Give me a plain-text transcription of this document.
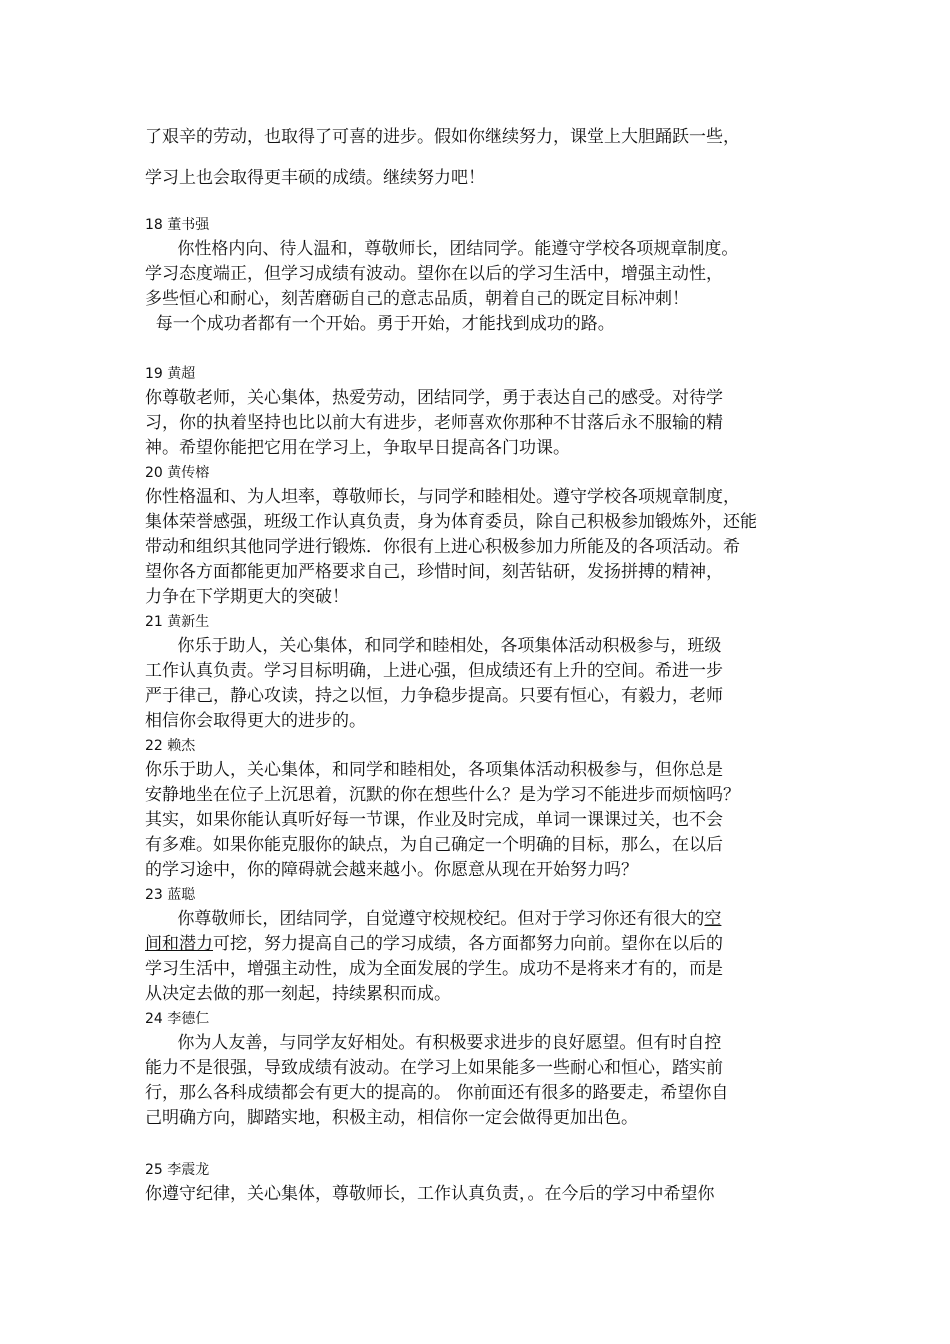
了艰辛的劳动，也取得了可喜的进步。假如你继续努力，课堂上大胆踊跃一些，
学习上也会取得更丰硕的成绩。继续努力吧！
18 董书强
你性格内向、待人温和，尊敬师长，团结同学。能遵守学校各项规章制度。
学习态度端正，但学习成绩有波动。望你在以后的学习生活中，增强主动性，
多些恒心和耐心，刻苦磨砺自己的意志品质，朝着自己的既定目标冲刺！
每一个成功者都有一个开始。勇于开始，才能找到成功的路。
19 黄超
你尊敬老师，关心集体，热爱劳动，团结同学，勇于表达自己的感受。对待学
习，你的执着坚持也比以前大有进步，老师喜欢你那种不甘落后永不服输的精
神。希望你能把它用在学习上，争取早日提高各门功课。
20 黄传榕
你性格温和、为人坦率，尊敬师长，与同学和睦相处。遵守学校各项规章制度，
集体荣誉感强，班级工作认真负责，身为体育委员，除自己积极参加锻炼外，还能
带动和组织其他同学进行锻炼．你很有上进心积极参加力所能及的各项活动。希
望你各方面都能更加严格要求自己，珍惜时间，刻苦钻研，发扬拼搏的精神，
力争在下学期更大的突破！
21 黄新生
你乐于助人，关心集体，和同学和睦相处，各项集体活动积极参与，班级
工作认真负责。学习目标明确，上进心强，但成绩还有上升的空间。希进一步
严于律己，静心攻读，持之以恒，力争稳步提高。只要有恒心，有毅力，老师
相信你会取得更大的进步的。
22 赖杰
你乐于助人，关心集体，和同学和睦相处，各项集体活动积极参与，但你总是
安静地坐在位子上沉思着，沉默的你在想些什么？是为学习不能进步而烦恼吗？
其实，如果你能认真听好每一节课，作业及时完成，单词一课课过关，也不会
有多难。如果你能克服你的缺点，为自己确定一个明确的目标，那么，在以后
的学习途中，你的障碍就会越来越小。你愿意从现在开始努力吗？
23 蓝聪
你尊敬师长，团结同学，自觉遵守校规校纪。但对于学习你还有很大的空
间和潜力可挖，努力提高自己的学习成绩，各方面都努力向前。望你在以后的
学习生活中，增强主动性，成为全面发展的学生。成功不是将来才有的，而是
从决定去做的那一刻起，持续累积而成。
24 李德仁
你为人友善，与同学友好相处。有积极要求进步的良好愿望。但有时自控
能力不是很强，导致成绩有波动。在学习上如果能多一些耐心和恒心，踏实前
行，那么各科成绩都会有更大的提高的。 你前面还有很多的路要走，希望你自
己明确方向，脚踏实地，积极主动，相信你一定会做得更加出色。
25 李震龙
你遵守纪律，关心集体，尊敬师长，工作认真负责，。在今后的学习中希望你
